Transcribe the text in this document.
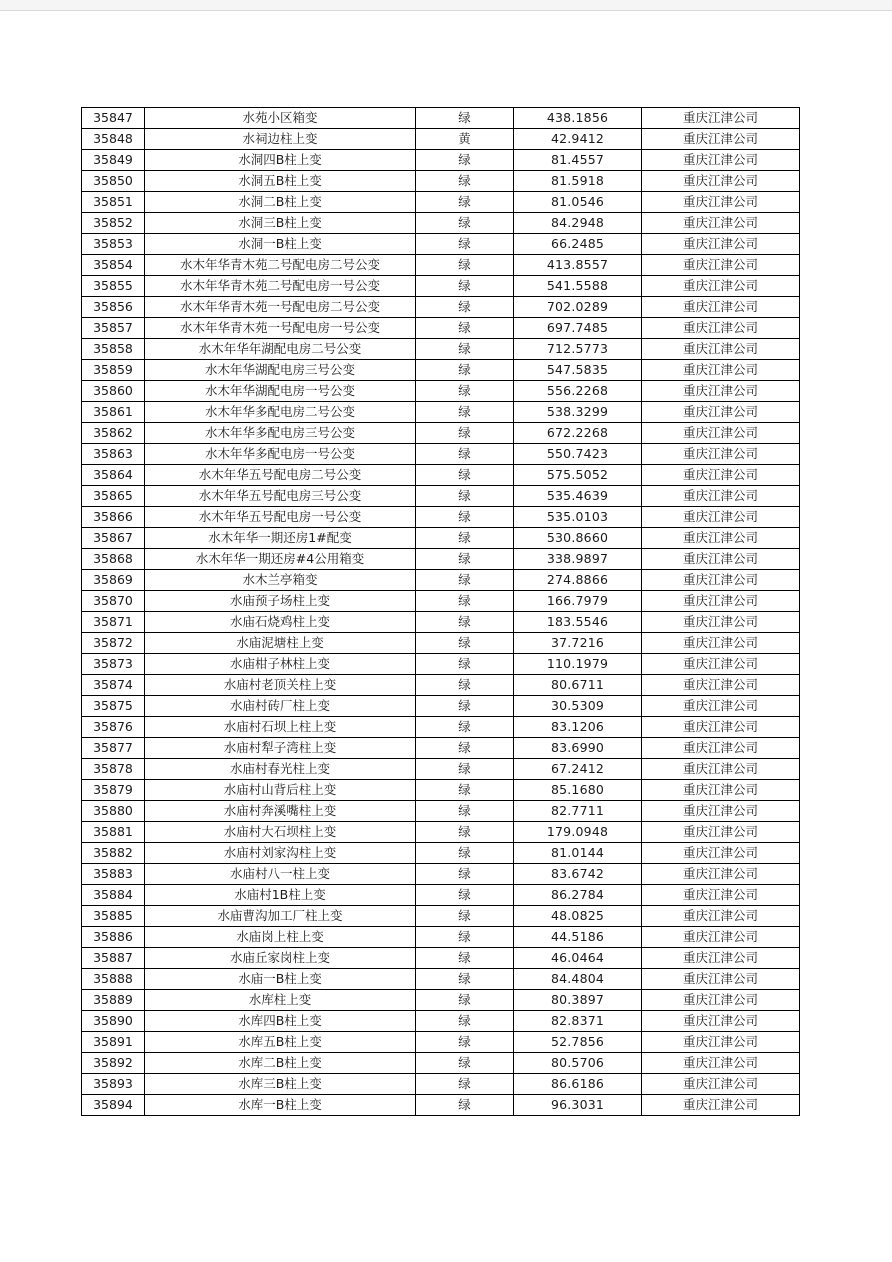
35847	水苑小区箱变	绿	438.1856	重庆江津公司
35848	水祠边柱上变	黄	42.9412	重庆江津公司
35849	水洞四B柱上变	绿	81.4557	重庆江津公司
35850	水洞五B柱上变	绿	81.5918	重庆江津公司
35851	水洞二B柱上变	绿	81.0546	重庆江津公司
35852	水洞三B柱上变	绿	84.2948	重庆江津公司
35853	水洞一B柱上变	绿	66.2485	重庆江津公司
35854	水木年华青木苑二号配电房二号公变	绿	413.8557	重庆江津公司
35855	水木年华青木苑二号配电房一号公变	绿	541.5588	重庆江津公司
35856	水木年华青木苑一号配电房二号公变	绿	702.0289	重庆江津公司
35857	水木年华青木苑一号配电房一号公变	绿	697.7485	重庆江津公司
35858	水木年华年湖配电房二号公变	绿	712.5773	重庆江津公司
35859	水木年华湖配电房三号公变	绿	547.5835	重庆江津公司
35860	水木年华湖配电房一号公变	绿	556.2268	重庆江津公司
35861	水木年华多配电房二号公变	绿	538.3299	重庆江津公司
35862	水木年华多配电房三号公变	绿	672.2268	重庆江津公司
35863	水木年华多配电房一号公变	绿	550.7423	重庆江津公司
35864	水木年华五号配电房二号公变	绿	575.5052	重庆江津公司
35865	水木年华五号配电房三号公变	绿	535.4639	重庆江津公司
35866	水木年华五号配电房一号公变	绿	535.0103	重庆江津公司
35867	水木年华一期还房1#配变	绿	530.8660	重庆江津公司
35868	水木年华一期还房#4公用箱变	绿	338.9897	重庆江津公司
35869	水木兰亭箱变	绿	274.8866	重庆江津公司
35870	水庙预子场柱上变	绿	166.7979	重庆江津公司
35871	水庙石烧鸡柱上变	绿	183.5546	重庆江津公司
35872	水庙泥塘柱上变	绿	37.7216	重庆江津公司
35873	水庙柑子林柱上变	绿	110.1979	重庆江津公司
35874	水庙村老顶关柱上变	绿	80.6711	重庆江津公司
35875	水庙村砖厂柱上变	绿	30.5309	重庆江津公司
35876	水庙村石坝上柱上变	绿	83.1206	重庆江津公司
35877	水庙村犁子湾柱上变	绿	83.6990	重庆江津公司
35878	水庙村春光柱上变	绿	67.2412	重庆江津公司
35879	水庙村山背后柱上变	绿	85.1680	重庆江津公司
35880	水庙村奔溪嘴柱上变	绿	82.7711	重庆江津公司
35881	水庙村大石坝柱上变	绿	179.0948	重庆江津公司
35882	水庙村刘家沟柱上变	绿	81.0144	重庆江津公司
35883	水庙村八一柱上变	绿	83.6742	重庆江津公司
35884	水庙村1B柱上变	绿	86.2784	重庆江津公司
35885	水庙曹沟加工厂柱上变	绿	48.0825	重庆江津公司
35886	水庙岗上柱上变	绿	44.5186	重庆江津公司
35887	水庙丘家岗柱上变	绿	46.0464	重庆江津公司
35888	水庙一B柱上变	绿	84.4804	重庆江津公司
35889	水库柱上变	绿	80.3897	重庆江津公司
35890	水库四B柱上变	绿	82.8371	重庆江津公司
35891	水库五B柱上变	绿	52.7856	重庆江津公司
35892	水库二B柱上变	绿	80.5706	重庆江津公司
35893	水库三B柱上变	绿	86.6186	重庆江津公司
35894	水库一B柱上变	绿	96.3031	重庆江津公司
